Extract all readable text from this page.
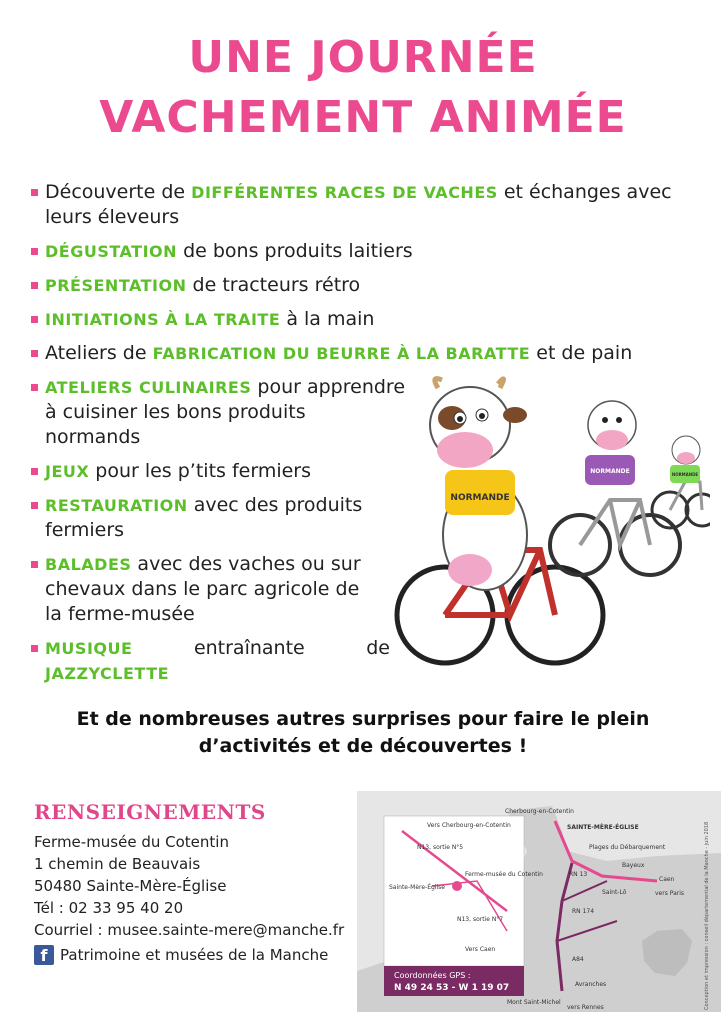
UNE JOURNÉE
VACHEMENT ANIMÉE
Découverte de DIFFÉRENTES RACES DE VACHES et échanges avec leurs éleveurs
DÉGUSTATION de bons produits laitiers
PRÉSENTATION de tracteurs rétro
INITIATIONS À LA TRAITE à la main
Ateliers de FABRICATION DU BEURRE À LA BARATTE et de pain
ATELIERS CULINAIRES pour apprendre à cuisiner les bons produits normands
JEUX pour les p’tits fermiers
RESTAURATION avec des produits fermiers
BALADES avec des vaches ou sur chevaux dans le parc agricole de la ferme-musée
MUSIQUE	entraînante	de
JAZZYCLETTE
NORMANDE
NORMANDE	NORMANDE
Et de nombreuses autres surprises pour faire le plein
d’activités et de découvertes !
RENSEIGNEMENTS
Ferme-musée du Cotentin
1 chemin de Beauvais
50480 Sainte-Mère-Église
Tél : 02 33 95 40 20
Courriel : musee.sainte-mere@manche.fr
f Patrimoine et musées de la Manche
Vers Cherbourg-en-Cotentin
N13, sortie N°5
Ferme-musée du Cotentin
Sainte-Mère-Église
N13, sortie N°7
Vers Caen
Coordonnées GPS :
N 49 24 53 - W 1 19 07
Cherbourg-en-Cotentin
SAINTE-MÈRE-ÉGLISE
Plages du Débarquement
Bayeux
RN 13
Caen
Saint-Lô	vers Paris
RN 174
A84
Avranches
Mont Saint-Michel
vers Rennes	Conception et impression : conseil départemental de la Manche - juin 2018
